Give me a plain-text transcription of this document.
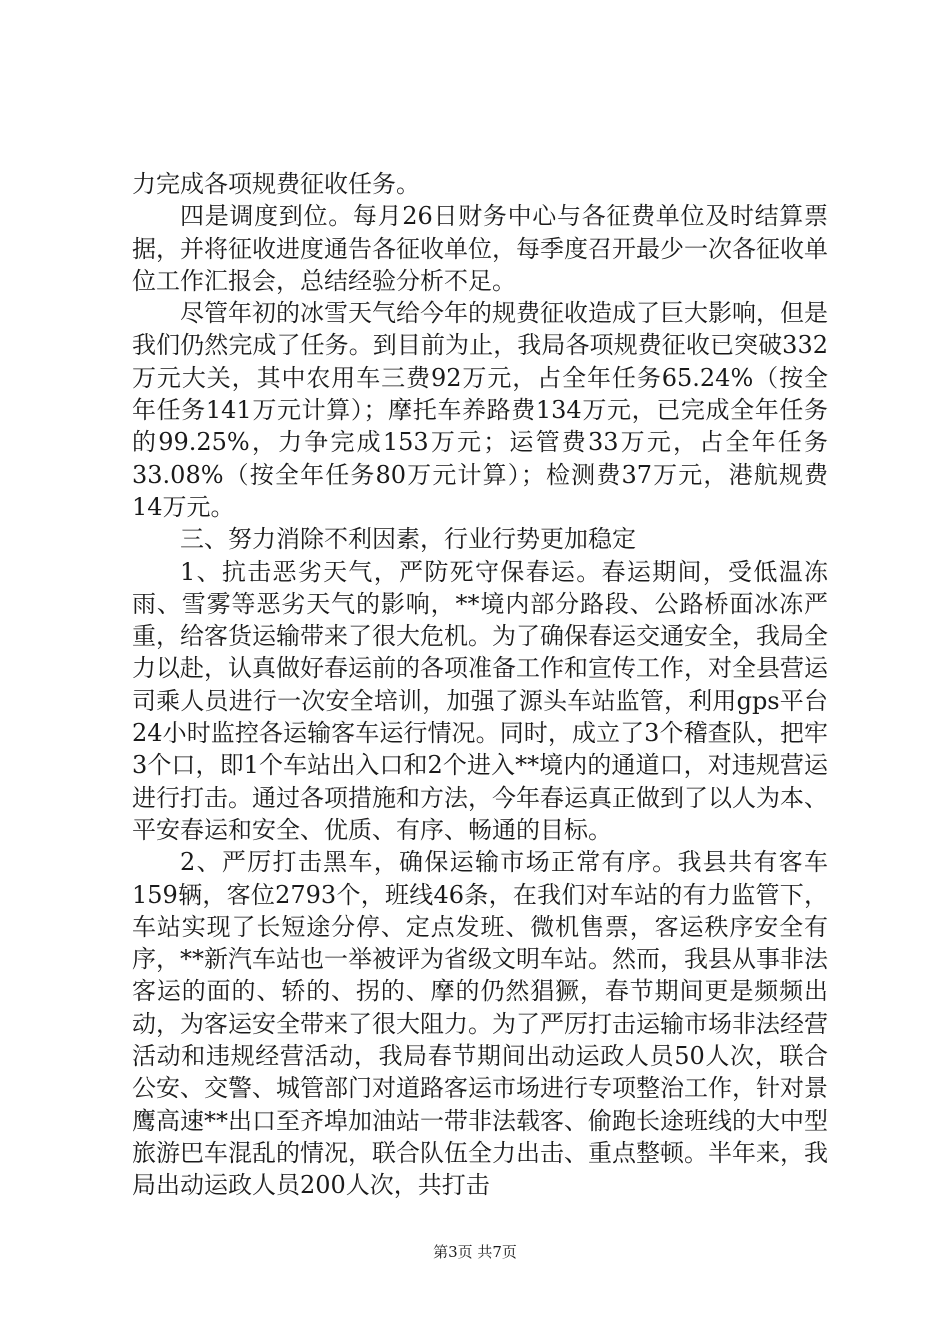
力完成各项规费征收任务。

四是调度到位。每月26日财务中心与各征费单位及时结算票据，并将征收进度通告各征收单位，每季度召开最少一次各征收单位工作汇报会，总结经验分析不足。

尽管年初的冰雪天气给今年的规费征收造成了巨大影响，但是我们仍然完成了任务。到目前为止，我局各项规费征收已突破332万元大关，其中农用车三费92万元，占全年任务65.24%（按全年任务141万元计算）；摩托车养路费134万元，已完成全年任务的99.25%，力争完成153万元；运管费33万元，占全年任务33.08%（按全年任务80万元计算）；检测费37万元，港航规费14万元。

三、努力消除不利因素，行业行势更加稳定

1、抗击恶劣天气，严防死守保春运。春运期间，受低温冻雨、雪雾等恶劣天气的影响，**境内部分路段、公路桥面冰冻严重，给客货运输带来了很大危机。为了确保春运交通安全，我局全力以赴，认真做好春运前的各项准备工作和宣传工作，对全县营运司乘人员进行一次安全培训，加强了源头车站监管，利用gps平台24小时监控各运输客车运行情况。同时，成立了3个稽查队，把牢3个口，即1个车站出入口和2个进入**境内的通道口，对违规营运进行打击。通过各项措施和方法，今年春运真正做到了以人为本、平安春运和安全、优质、有序、畅通的目标。

2、严厉打击黑车，确保运输市场正常有序。我县共有客车159辆，客位2793个，班线46条，在我们对车站的有力监管下，车站实现了长短途分停、定点发班、微机售票，客运秩序安全有序，**新汽车站也一举被评为省级文明车站。然而，我县从事非法客运的面的、轿的、拐的、摩的仍然猖獗，春节期间更是频频出动，为客运安全带来了很大阻力。为了严厉打击运输市场非法经营活动和违规经营活动，我局春节期间出动运政人员50人次，联合公安、交警、城管部门对道路客运市场进行专项整治工作，针对景鹰高速**出口至齐埠加油站一带非法载客、偷跑长途班线的大中型旅游巴车混乱的情况，联合队伍全力出击、重点整顿。半年来，我局出动运政人员200人次，共打击

第3页 共7页
